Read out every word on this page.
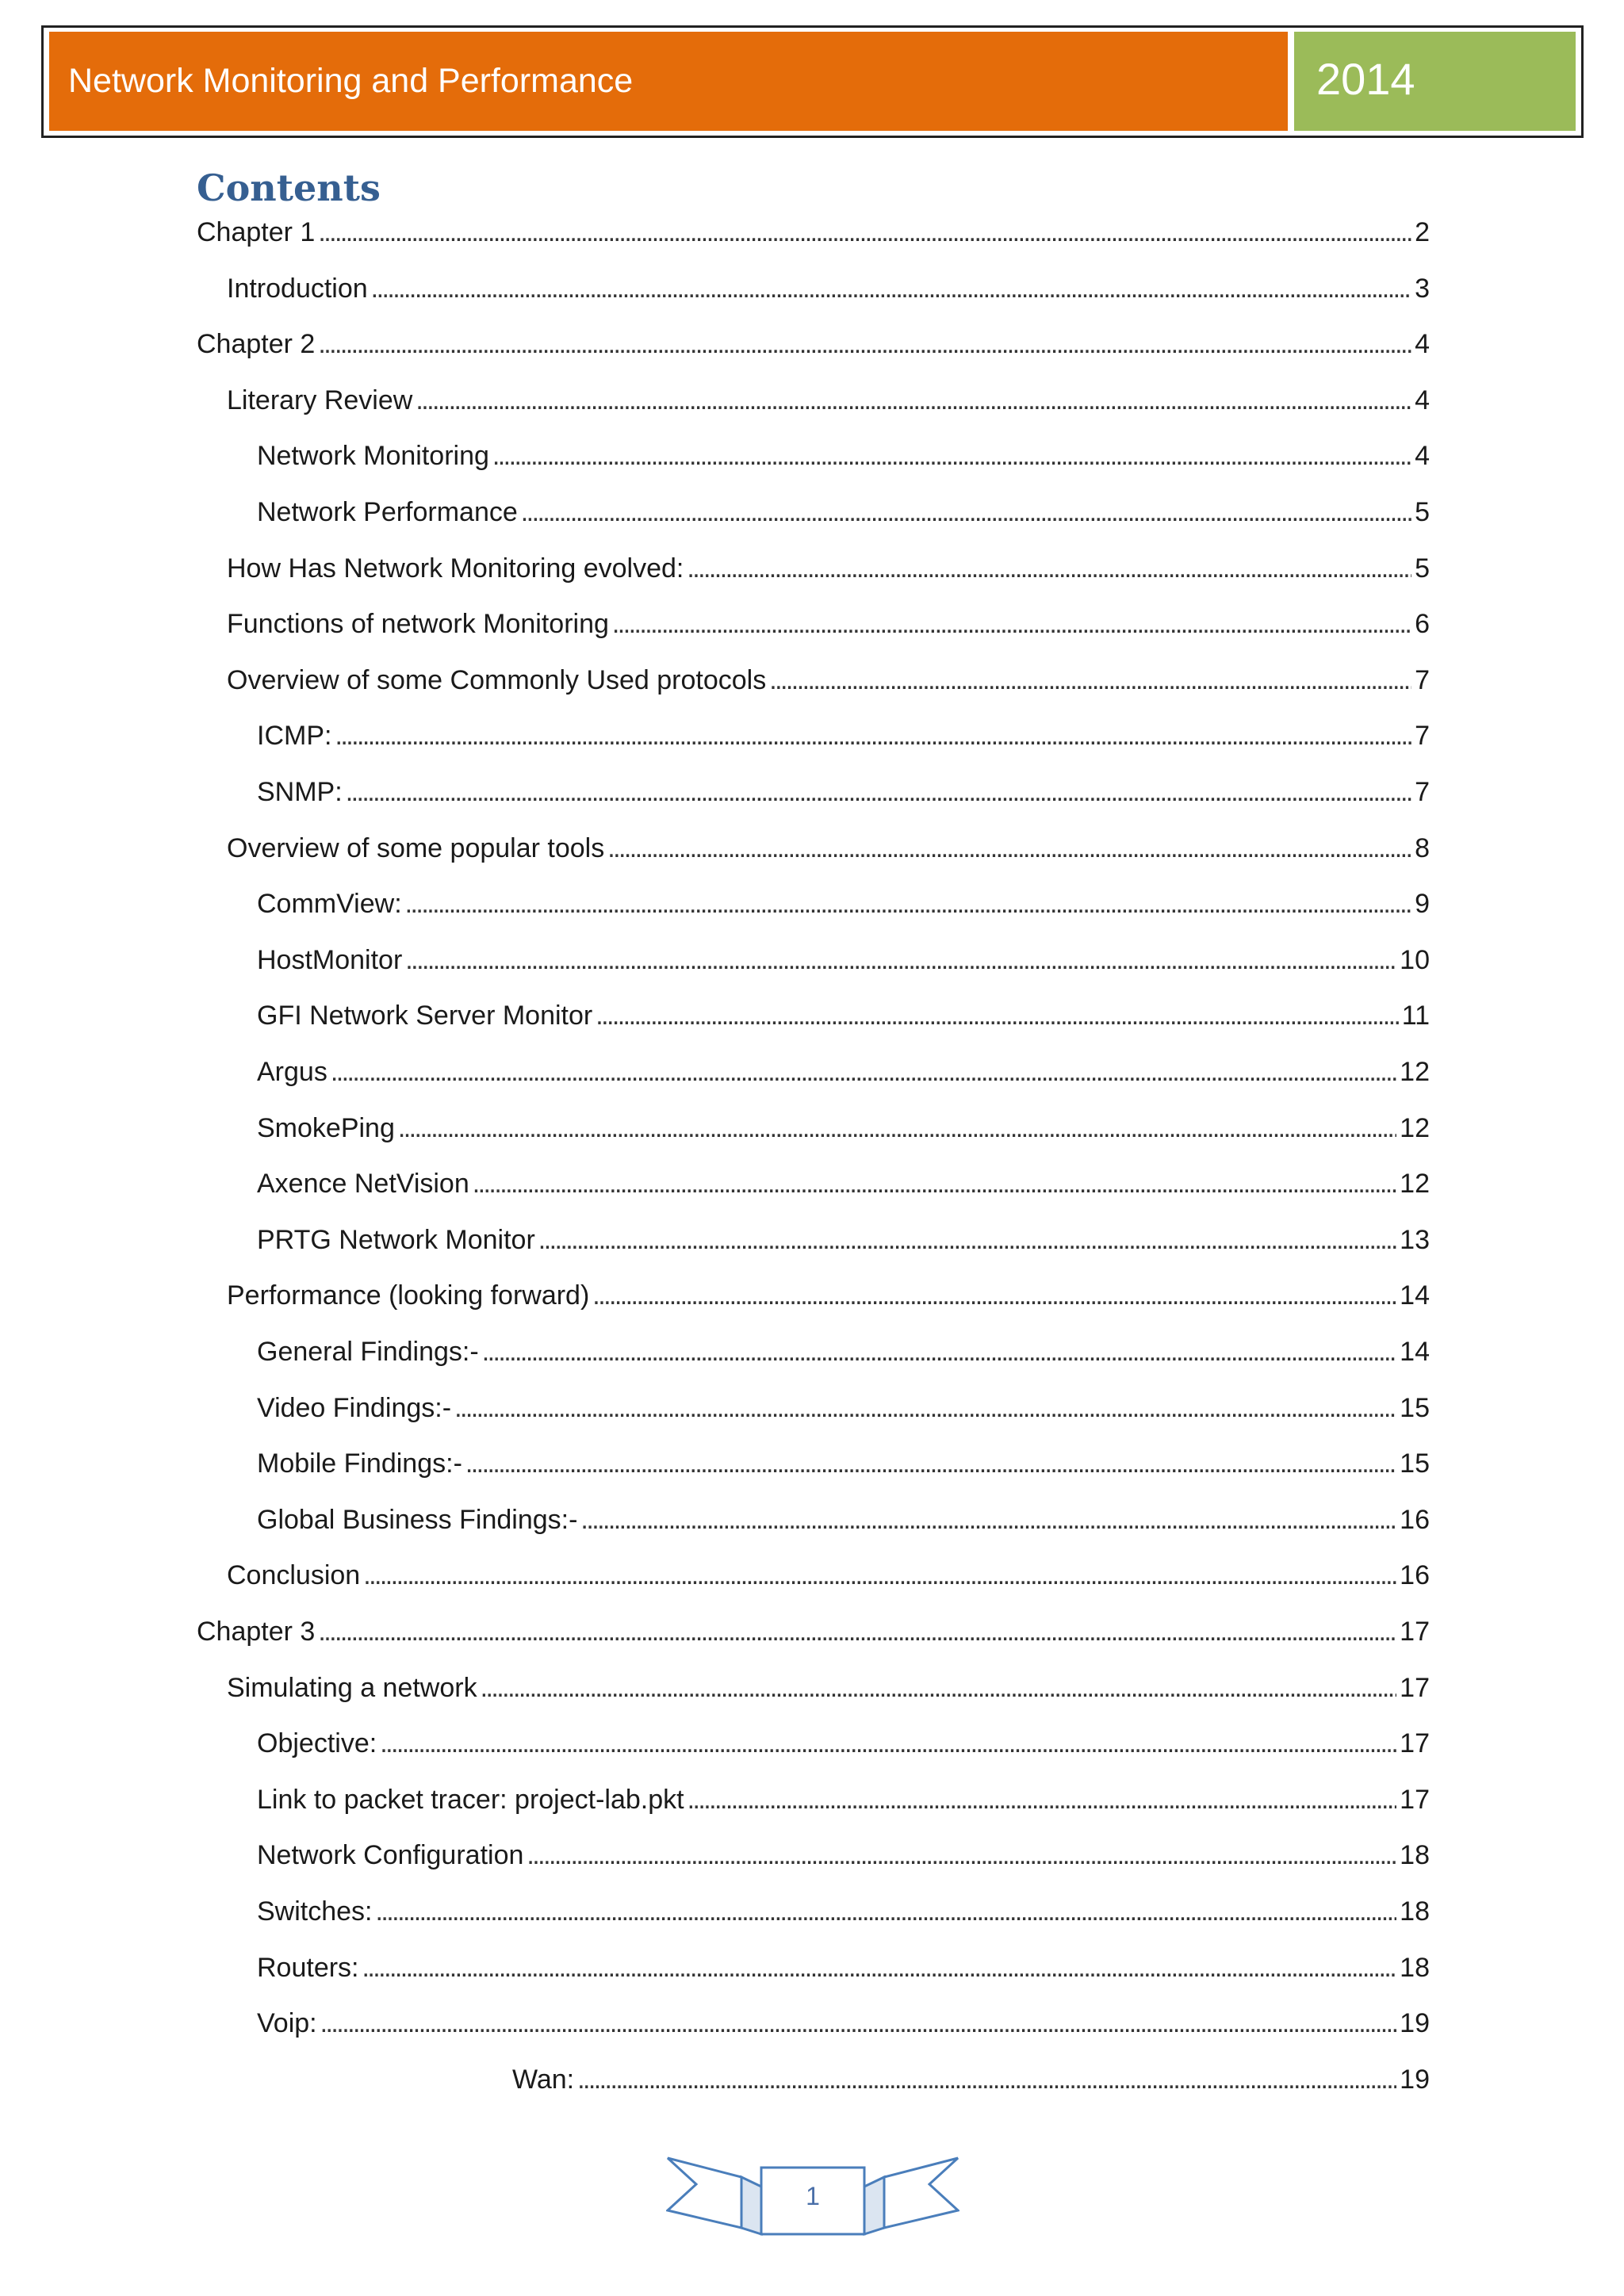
Network Monitoring and Performance	2014
Contents
Chapter 1 . . .	2
Introduction . . .	3
Chapter 2 . . .	4
Literary Review . . .	4
Network Monitoring . . .	4
Network Performance . . .	5
How Has Network Monitoring evolved: . . .	5
Functions of network Monitoring . . .	6
Overview of some Commonly Used protocols . . .	7
ICMP: . . .	7
SNMP: . . .	7
Overview of some popular tools . . .	8
CommView: . . .	9
HostMonitor . . .	10
GFI Network Server Monitor . . .	11
Argus . . .	12
SmokePing . . .	12
Axence NetVision . . .	12
PRTG Network Monitor . . .	13
Performance (looking forward) . . .	14
General Findings:- . . .	14
Video Findings:- . . .	15
Mobile Findings:- . . .	15
Global Business Findings:- . . .	16
Conclusion . . .	16
Chapter 3 . . .	17
Simulating a network . . .	17
Objective: . . .	17
Link to packet tracer: project-lab.pkt . . .	17
Network Configuration . . .	18
Switches: . . .	18
Routers: . . .	18
Voip: . . .	19
Wan: . . .	19
1
